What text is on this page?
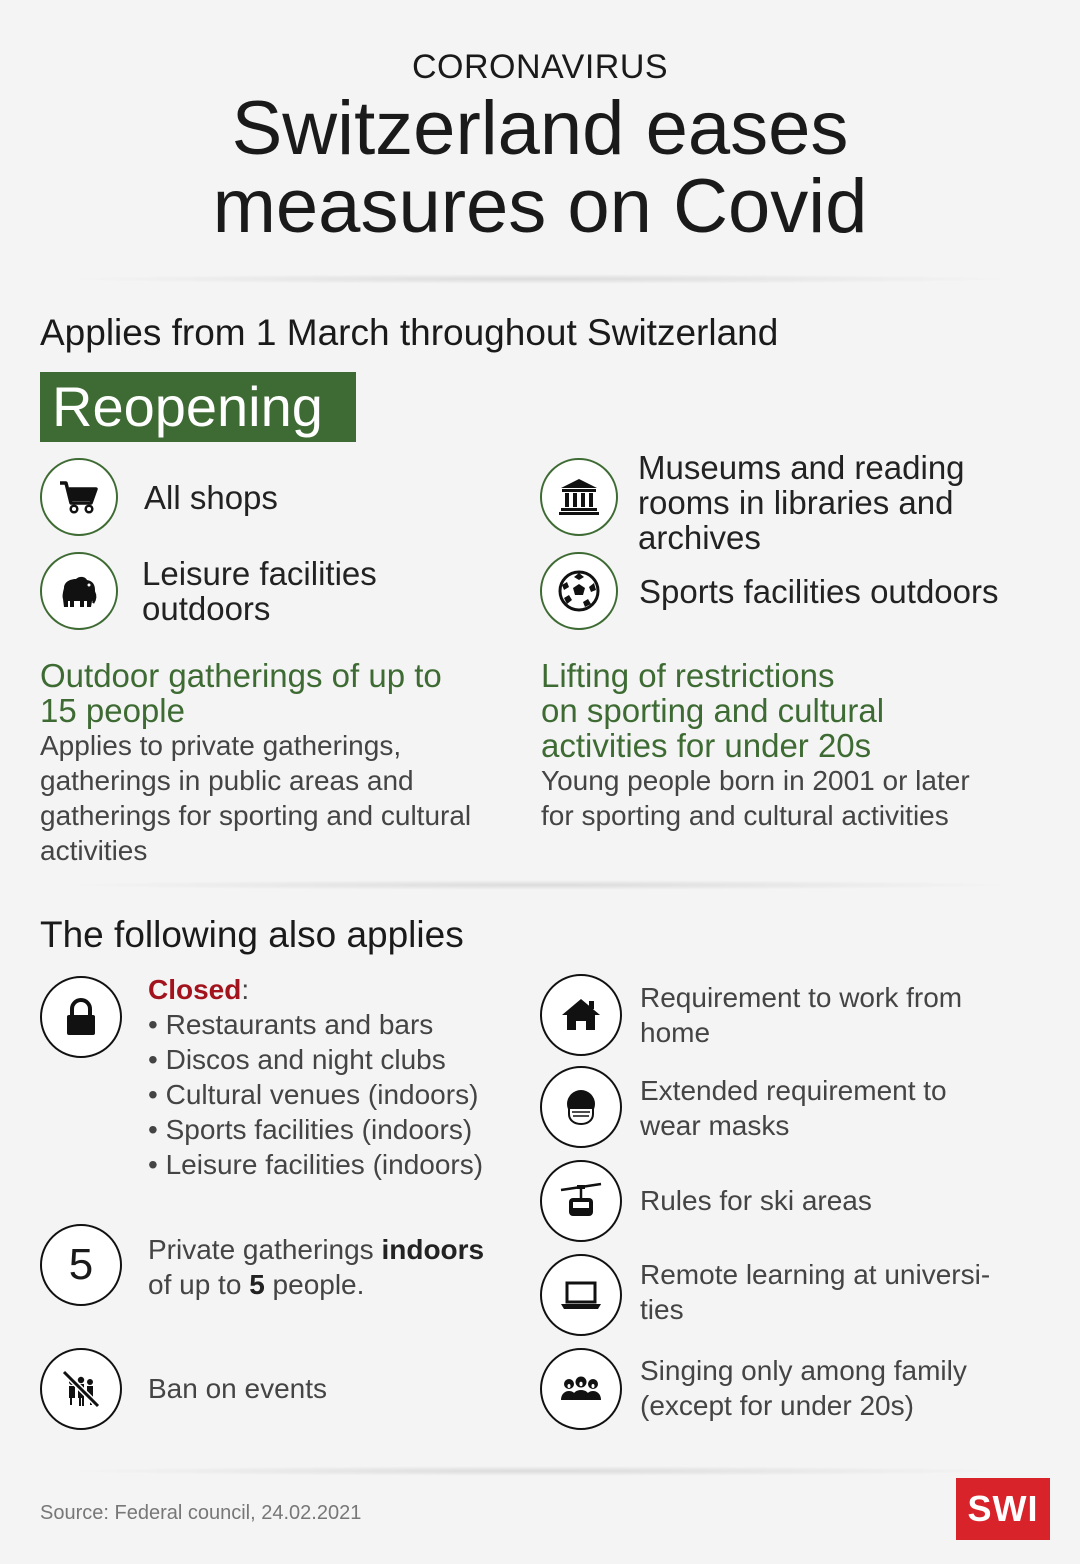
CORONAVIRUS
Switzerland eases
measures on Covid
Applies from 1 March throughout Switzerland
Reopening
All shops
Leisure facilities
outdoors
Museums and reading
rooms in libraries and
archives
Sports facilities outdoors
Outdoor gatherings of up to
15 people
Applies to private gatherings,
gatherings in public areas and
gatherings for sporting and cultural
activities
Lifting of restrictions
on sporting and cultural
activities for under 20s
Young people born in 2001 or later
for sporting and cultural activities
The following also applies
Closed:
• Restaurants and bars
• Discos and night clubs
• Cultural venues (indoors)
• Sports facilities (indoors)
• Leisure facilities (indoors)
5	Private gatherings indoors
of up to 5 people.
Ban on events
Requirement to work from
home
Extended requirement to
wear masks
Rules for ski areas
Remote learning at universi-
ties
Singing only among family
(except for under 20s)
Source: Federal council, 24.02.2021	SWI
